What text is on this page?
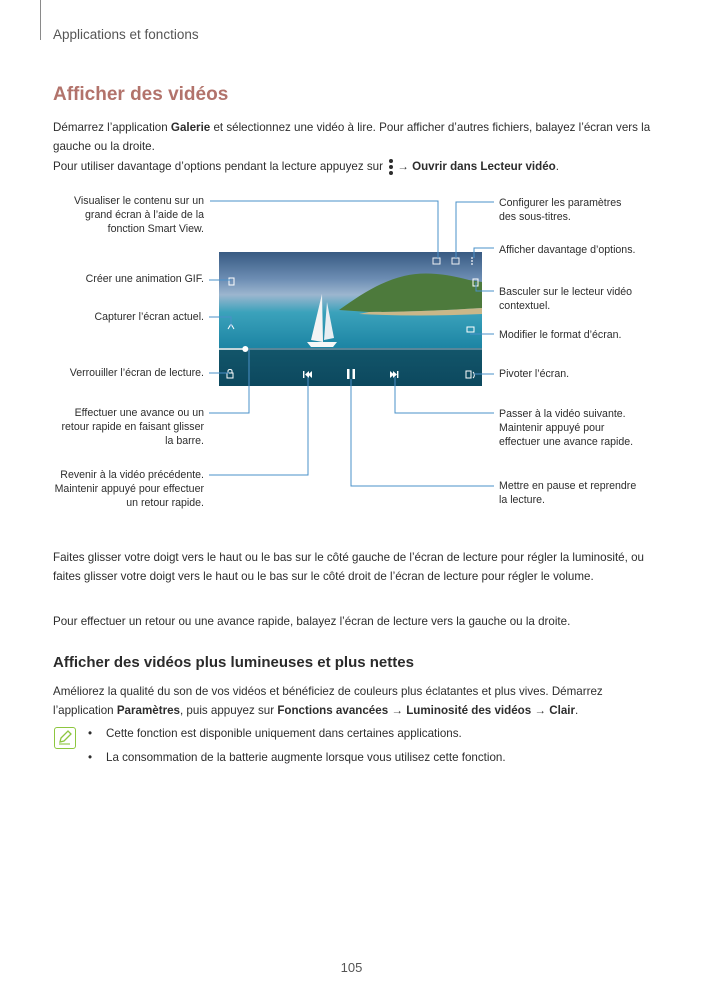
Applications et fonctions
Afficher des vidéos

Démarrez l’application Galerie et sélectionnez une vidéo à lire. Pour afficher d’autres fichiers, balayez l’écran vers la gauche ou la droite.

Pour utiliser davantage d’options pendant la lecture appuyez sur → Ouvrir dans Lecteur vidéo.

Visualiser le contenu sur un grand écran à l’aide de la fonction Smart View.
Créer une animation GIF.
Capturer l’écran actuel.
Verrouiller l’écran de lecture.
Effectuer une avance ou un retour rapide en faisant glisser la barre.
Revenir à la vidéo précédente. Maintenir appuyé pour effectuer un retour rapide.
Configurer les paramètres des sous-titres.
Afficher davantage d’options.
Basculer sur le lecteur vidéo contextuel.
Modifier le format d’écran.
Pivoter l’écran.
Passer à la vidéo suivante. Maintenir appuyé pour effectuer une avance rapide.
Mettre en pause et reprendre la lecture.

Faites glisser votre doigt vers le haut ou le bas sur le côté gauche de l’écran de lecture pour régler la luminosité, ou faites glisser votre doigt vers le haut ou le bas sur le côté droit de l’écran de lecture pour régler le volume.

Pour effectuer un retour ou une avance rapide, balayez l’écran de lecture vers la gauche ou la droite.

Afficher des vidéos plus lumineuses et plus nettes

Améliorez la qualité du son de vos vidéos et bénéficiez de couleurs plus éclatantes et plus vives. Démarrez l’application Paramètres, puis appuyez sur Fonctions avancées → Luminosité des vidéos → Clair.

• Cette fonction est disponible uniquement dans certaines applications.
• La consommation de la batterie augmente lorsque vous utilisez cette fonction.
105
